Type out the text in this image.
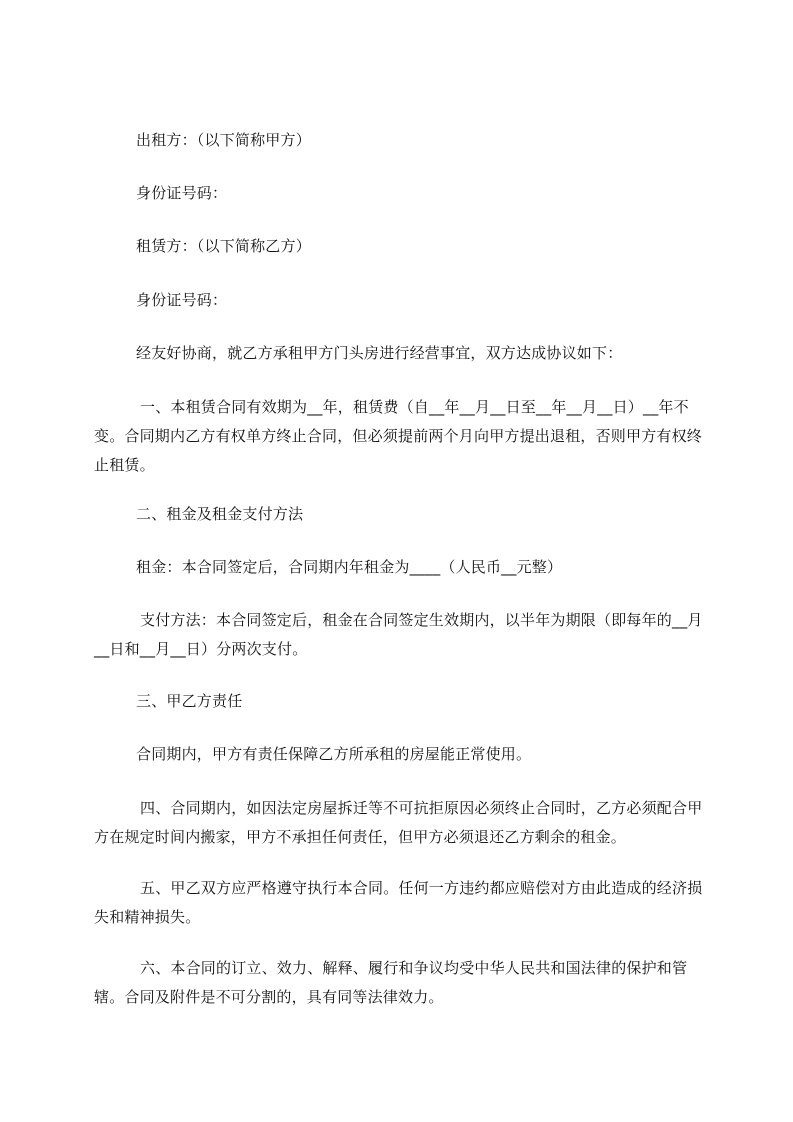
出租方：（以下简称甲方）

身份证号码：

租赁方：（以下简称乙方）

身份证号码：

经友好协商，就乙方承租甲方门头房进行经营事宜，双方达成协议如下：

一、本租赁合同有效期为__年，租赁费（自__年__月__日至__年__月__日）__年不变。合同期内乙方有权单方终止合同，但必须提前两个月向甲方提出退租，否则甲方有权终止租赁。

二、租金及租金支付方法

租金：本合同签定后，合同期内年租金为____（人民币__元整）

支付方法：本合同签定后，租金在合同签定生效期内，以半年为期限（即每年的__月__日和__月__日）分两次支付。

三、甲乙方责任

合同期内，甲方有责任保障乙方所承租的房屋能正常使用。

四、合同期内，如因法定房屋拆迁等不可抗拒原因必须终止合同时，乙方必须配合甲方在规定时间内搬家，甲方不承担任何责任，但甲方必须退还乙方剩余的租金。

五、甲乙双方应严格遵守执行本合同。任何一方违约都应赔偿对方由此造成的经济损失和精神损失。

六、本合同的订立、效力、解释、履行和争议均受中华人民共和国法律的保护和管辖。合同及附件是不可分割的，具有同等法律效力。
